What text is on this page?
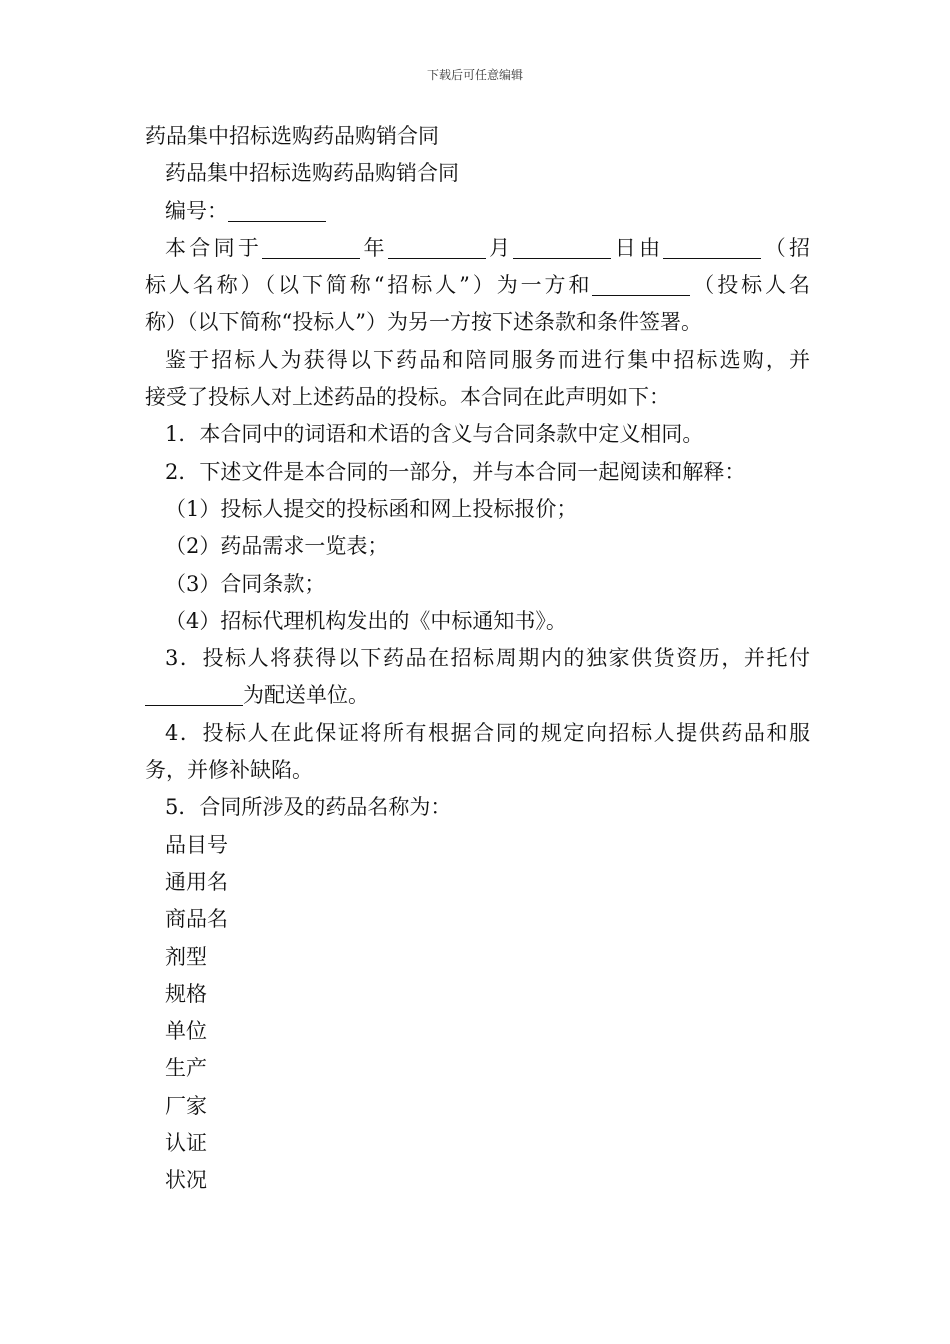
下载后可任意编辑
药品集中招标选购药品购销合同
药品集中招标选购药品购销合同
编号：
本合同于	年	月	日由	（招
标人名称）（以下简称“招标人”）为一方和	（投标人名
称）（以下简称“投标人”）为另一方按下述条款和条件签署。
鉴于招标人为获得以下药品和陪同服务而进行集中招标选购，并
接受了投标人对上述药品的投标。本合同在此声明如下：
1．本合同中的词语和术语的含义与合同条款中定义相同。
2．下述文件是本合同的一部分，并与本合同一起阅读和解释：
（1）投标人提交的投标函和网上投标报价；
（2）药品需求一览表；
（3）合同条款；
（4）招标代理机构发出的《中标通知书》。
3．投标人将获得以下药品在招标周期内的独家供货资历，并托付
为配送单位。
4．投标人在此保证将所有根据合同的规定向招标人提供药品和服
务，并修补缺陷。
5．合同所涉及的药品名称为：
品目号
通用名
商品名
剂型
规格
单位
生产
厂家
认证
状况
